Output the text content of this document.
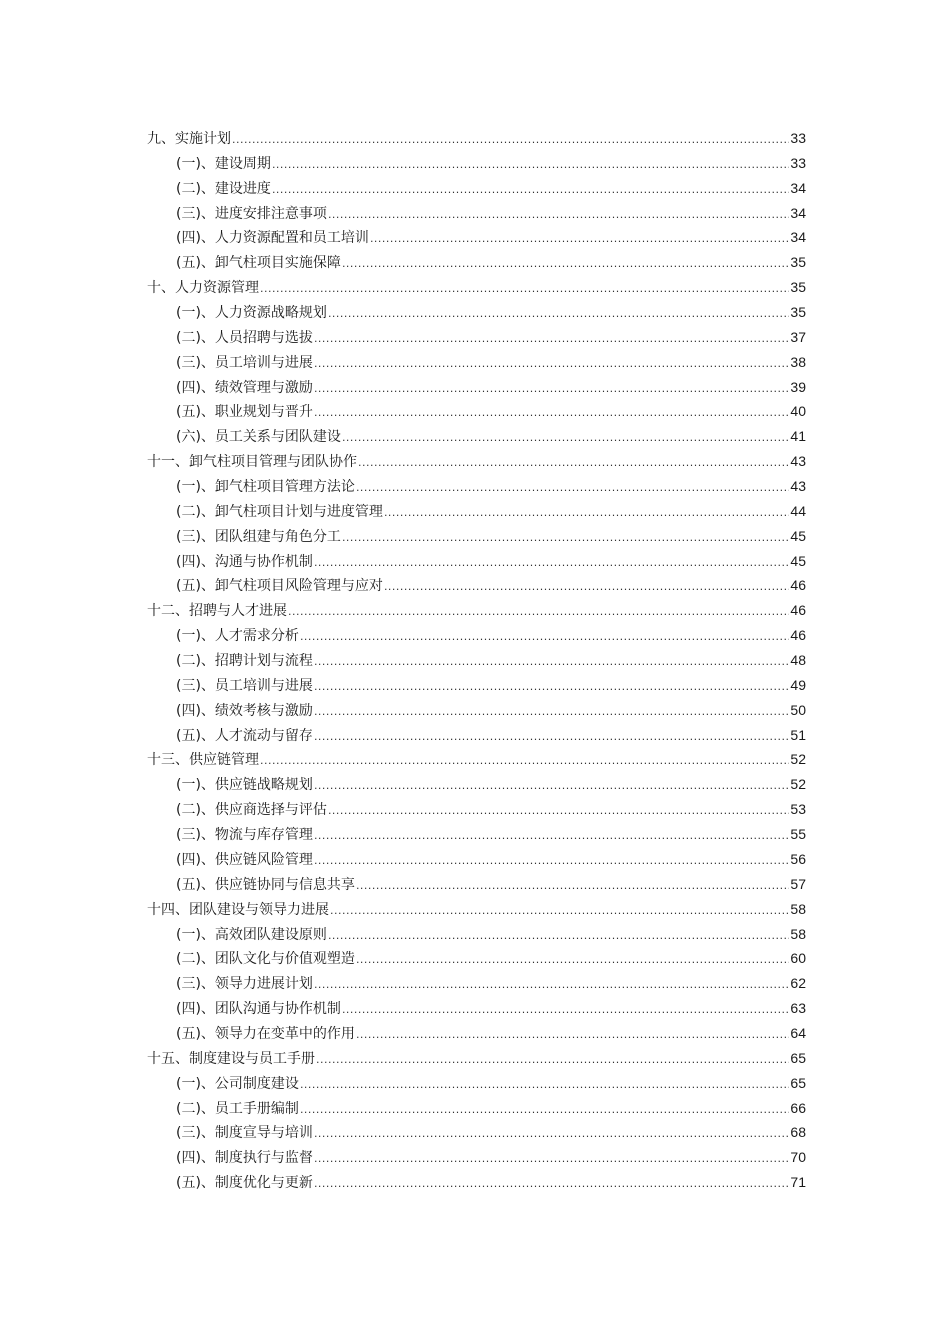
九、实施计划 .....	33
(一)、建设周期 .....	33
(二)、建设进度 .....	34
(三)、进度安排注意事项 .....	34
(四)、人力资源配置和员工培训 .....	34
(五)、卸气柱项目实施保障 .....	35
十、人力资源管理 .....	35
(一)、人力资源战略规划 .....	35
(二)、人员招聘与选拔 .....	37
(三)、员工培训与进展 .....	38
(四)、绩效管理与激励 .....	39
(五)、职业规划与晋升 .....	40
(六)、员工关系与团队建设 .....	41
十一、卸气柱项目管理与团队协作 .....	43
(一)、卸气柱项目管理方法论 .....	43
(二)、卸气柱项目计划与进度管理 .....	44
(三)、团队组建与角色分工 .....	45
(四)、沟通与协作机制 .....	45
(五)、卸气柱项目风险管理与应对 .....	46
十二、招聘与人才进展 .....	46
(一)、人才需求分析 .....	46
(二)、招聘计划与流程 .....	48
(三)、员工培训与进展 .....	49
(四)、绩效考核与激励 .....	50
(五)、人才流动与留存 .....	51
十三、供应链管理 .....	52
(一)、供应链战略规划 .....	52
(二)、供应商选择与评估 .....	53
(三)、物流与库存管理 .....	55
(四)、供应链风险管理 .....	56
(五)、供应链协同与信息共享 .....	57
十四、团队建设与领导力进展 .....	58
(一)、高效团队建设原则 .....	58
(二)、团队文化与价值观塑造 .....	60
(三)、领导力进展计划 .....	62
(四)、团队沟通与协作机制 .....	63
(五)、领导力在变革中的作用 .....	64
十五、制度建设与员工手册 .....	65
(一)、公司制度建设 .....	65
(二)、员工手册编制 .....	66
(三)、制度宣导与培训 .....	68
(四)、制度执行与监督 .....	70
(五)、制度优化与更新 .....	71
